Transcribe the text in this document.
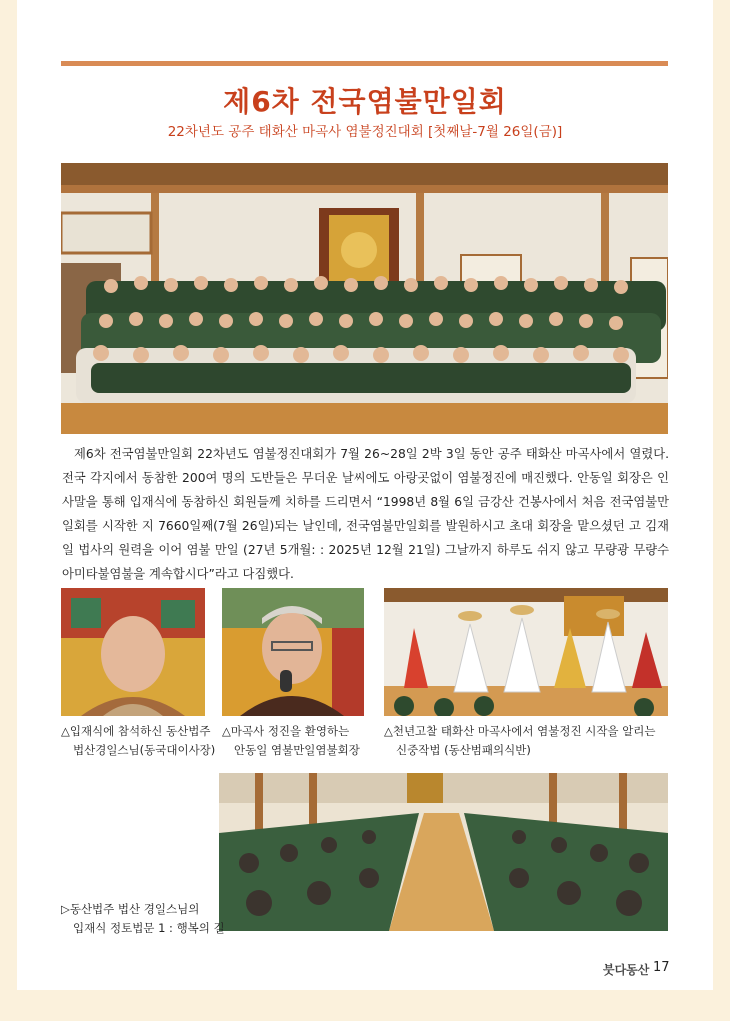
제6차 전국염불만일회
22차년도 공주 태화산 마곡사 염불정진대회 [첫째날-7월 26일(금)]
제6차 전국염불만일회 22차년도 염불정진대회가 7월 26~28일 2박 3일 동안 공주 태화산 마곡사에서 열렸다. 전국 각지에서 동참한 200여 명의 도반들은 무더운 날씨에도 아랑곳없이 염불정진에 매진했다. 안동일 회장은 인사말을 통해 입재식에 동참하신 회원들께 치하를 드리면서 “1998년 8월 6일 금강산 건봉사에서 처음 전국염불만일회를 시작한 지 7660일째(7월 26일)되는 날인데, 전국염불만일회를 발원하시고 초대 회장을 맡으셨던 고 김재일 법사의 원력을 이어 염불 만일 (27년 5개월: : 2025년 12월 21일) 그날까지 하루도 쉬지 않고 무량광 무량수 아미타불염불을 계속합시다”라고 다짐했다.
△입재식에 참석하신 동산법주
법산경일스님(동국대이사장)
△마곡사 정진을 환영하는
안동일 염불만일염불회장
△천년고찰 태화산 마곡사에서 염불정진 시작을 알리는
신중작법 (동산범패의식반)
▷동산법주 법산 경일스님의
입재식 정토법문 1 : 행복의 길
붓다동산 17
